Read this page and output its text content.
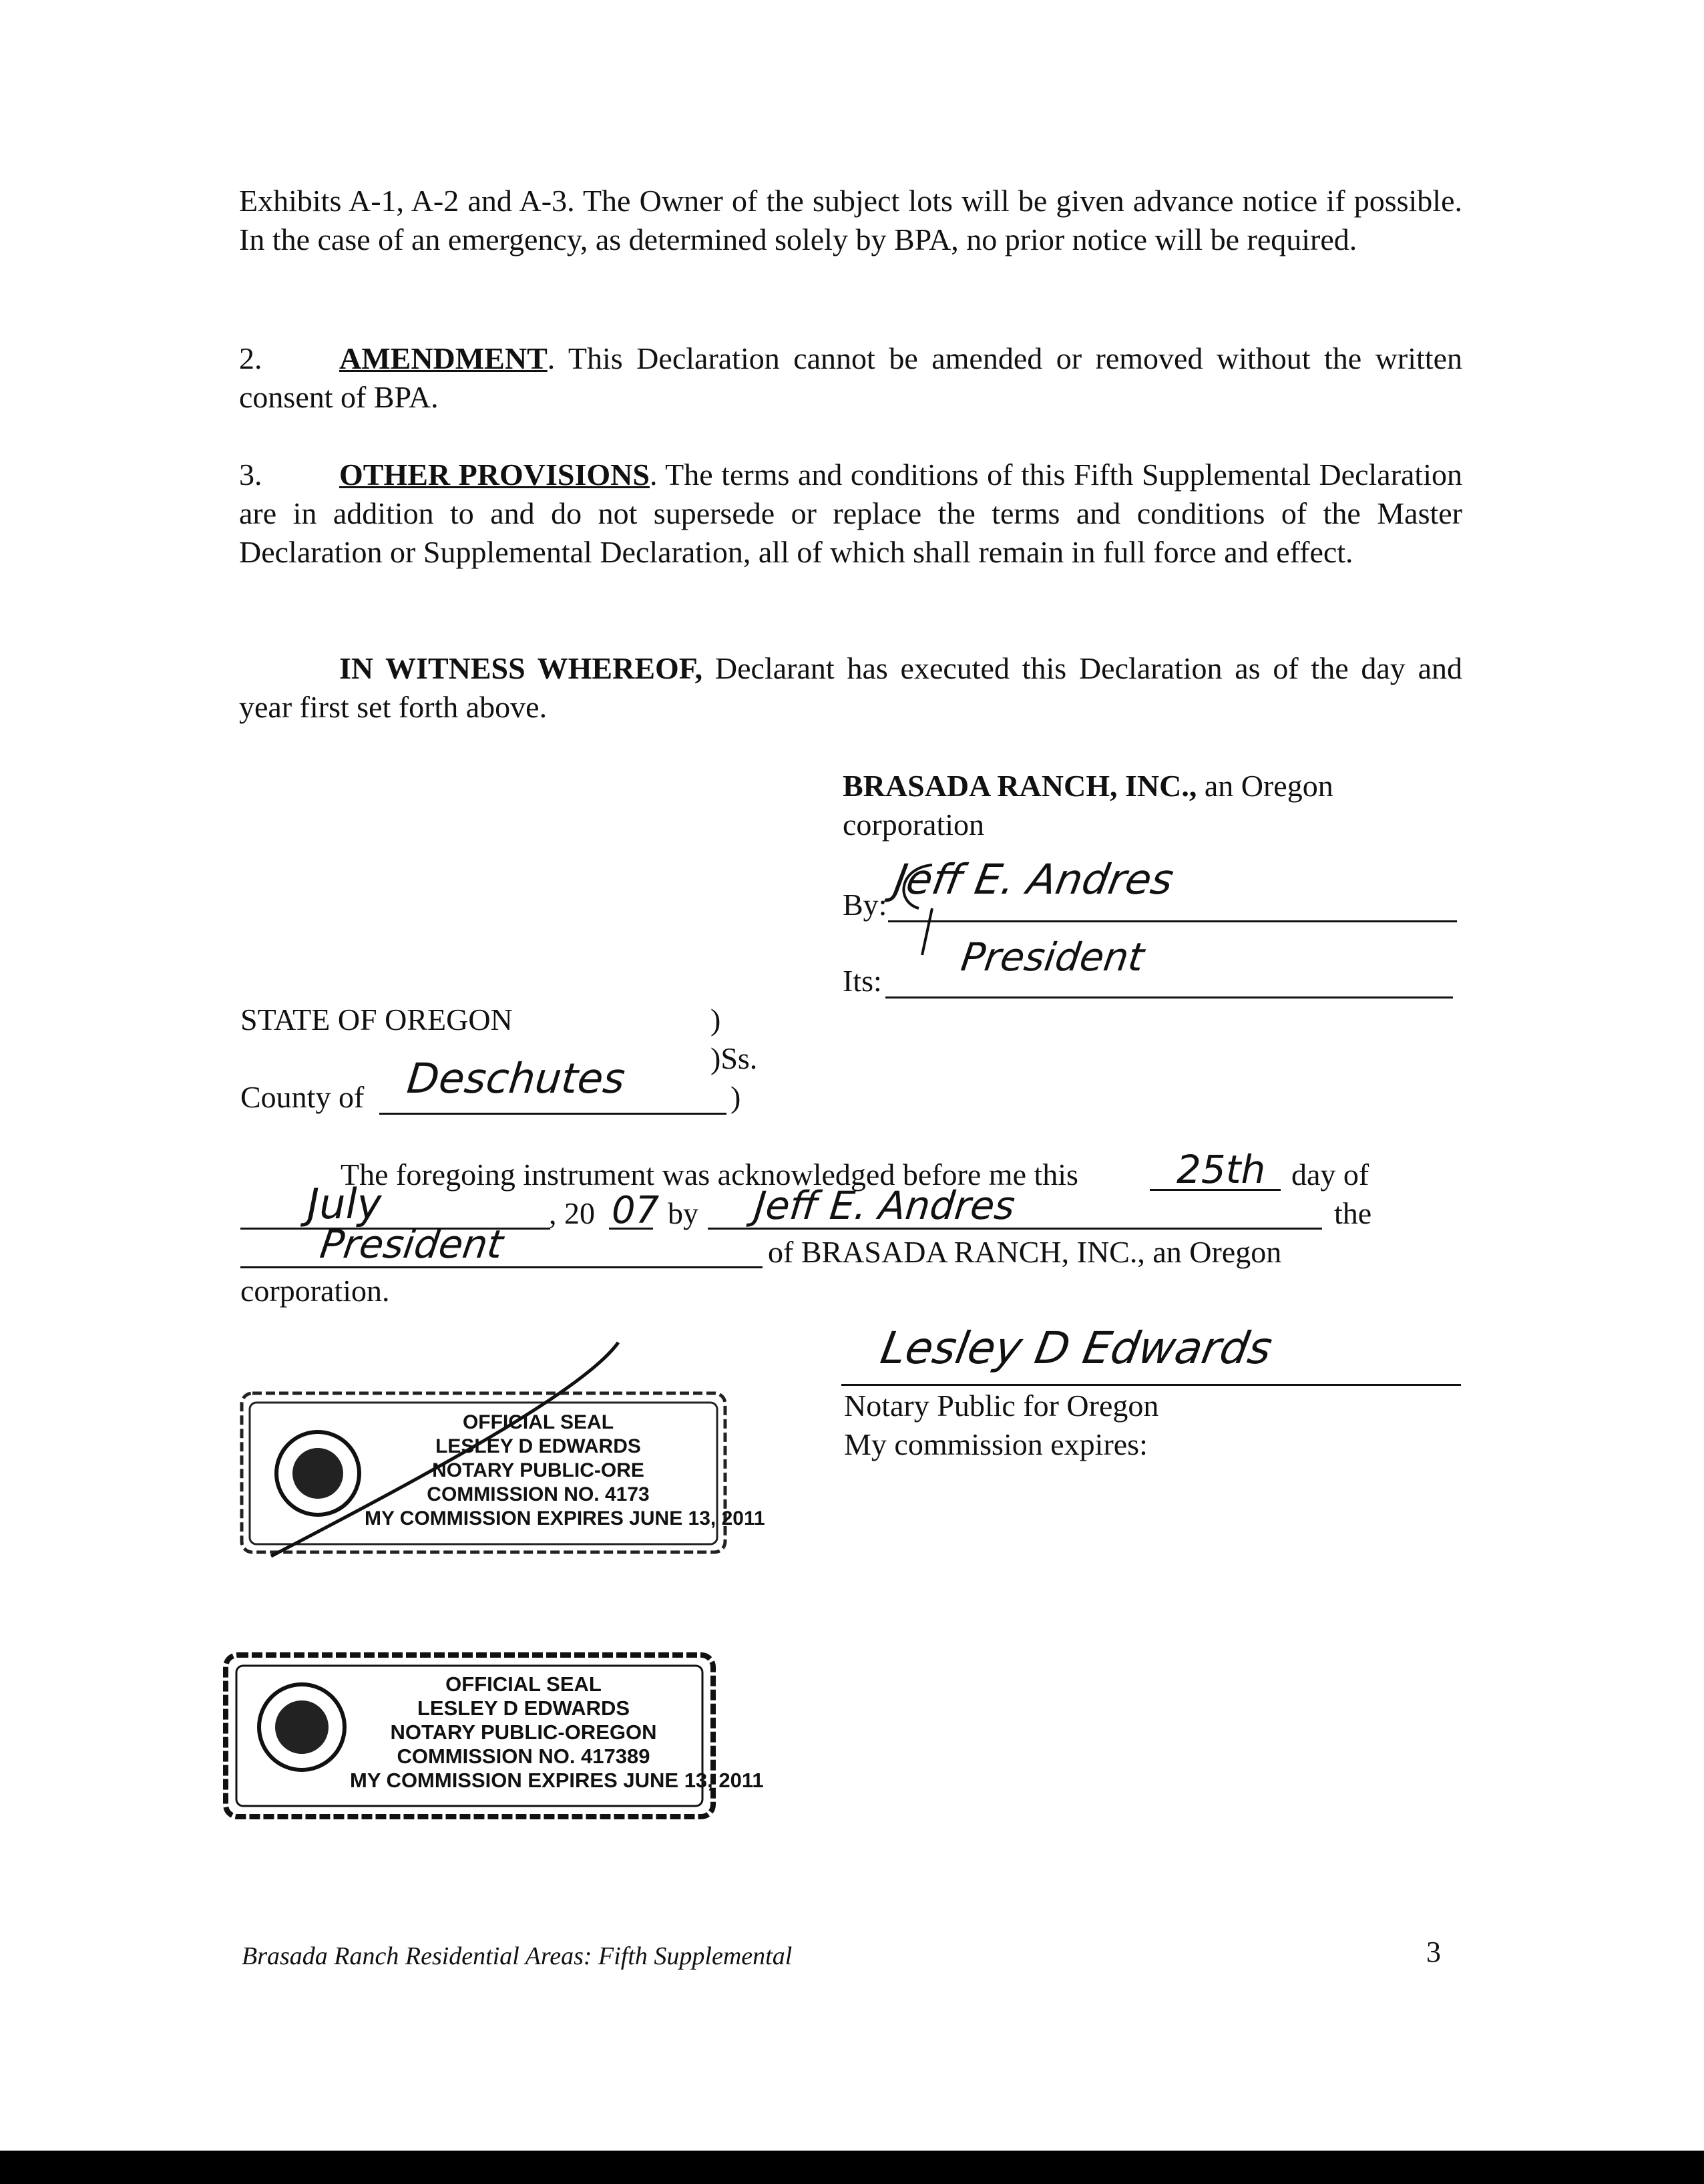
Exhibits A-1, A-2 and A-3. The Owner of the subject lots will be given advance notice if possible. In the case of an emergency, as determined solely by BPA, no prior notice will be required.

2.	AMENDMENT. This Declaration cannot be amended or removed without the written consent of BPA.

3.	OTHER PROVISIONS. The terms and conditions of this Fifth Supplemental Declaration are in addition to and do not supersede or replace the terms and conditions of the Master Declaration or Supplemental Declaration, all of which shall remain in full force and effect.

IN WITNESS WHEREOF, Declarant has executed this Declaration as of the day and year first set forth above.

BRASADA RANCH, INC., an Oregon
corporation
By:
Jeff E. Andres
Its:
President
STATE OF OREGON	)
)Ss.
County of Deschutes	)
The foregoing instrument was acknowledged before me this	25th day of
July	, 20 07 by Jeff E. Andres	the
President	of BRASADA RANCH, INC., an Oregon
corporation.
Lesley D Edwards
Notary Public for Oregon
My commission expires:
OFFICIAL SEAL
LESLEY D EDWARDS
NOTARY PUBLIC-ORE
COMMISSION NO. 4173
MY COMMISSION EXPIRES JUNE 13, 2011
OFFICIAL SEAL
LESLEY D EDWARDS
NOTARY PUBLIC-OREGON
COMMISSION NO. 417389
MY COMMISSION EXPIRES JUNE 13, 2011
Brasada Ranch Residential Areas: Fifth Supplemental	3
